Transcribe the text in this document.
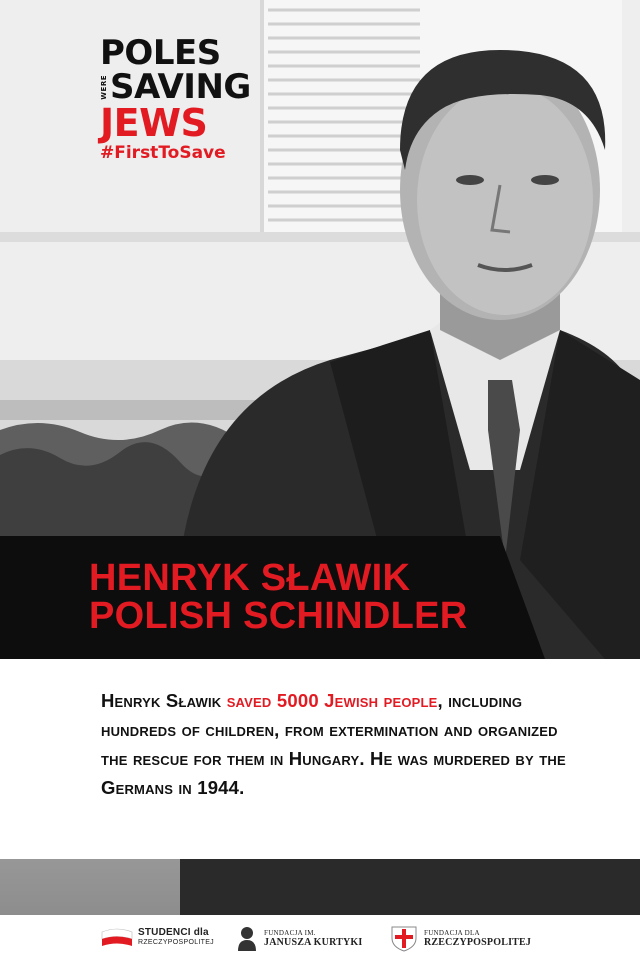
POLES
WERE SAVING
JEWS
#FirstToSave
HENRYK SŁAWIK
POLISH SCHINDLER
Henryk Sławik saved 5000 Jewish people, including hundreds of children, from extermination and organized the rescue for them in Hungary. He was murdered by the Germans in 1944.
STUDENCI dla
RZECZYPOSPOLITEJ
FUNDACJA IM.
JANUSZA KURTYKI
FUNDACJA DLA
RZECZYPOSPOLITEJ
